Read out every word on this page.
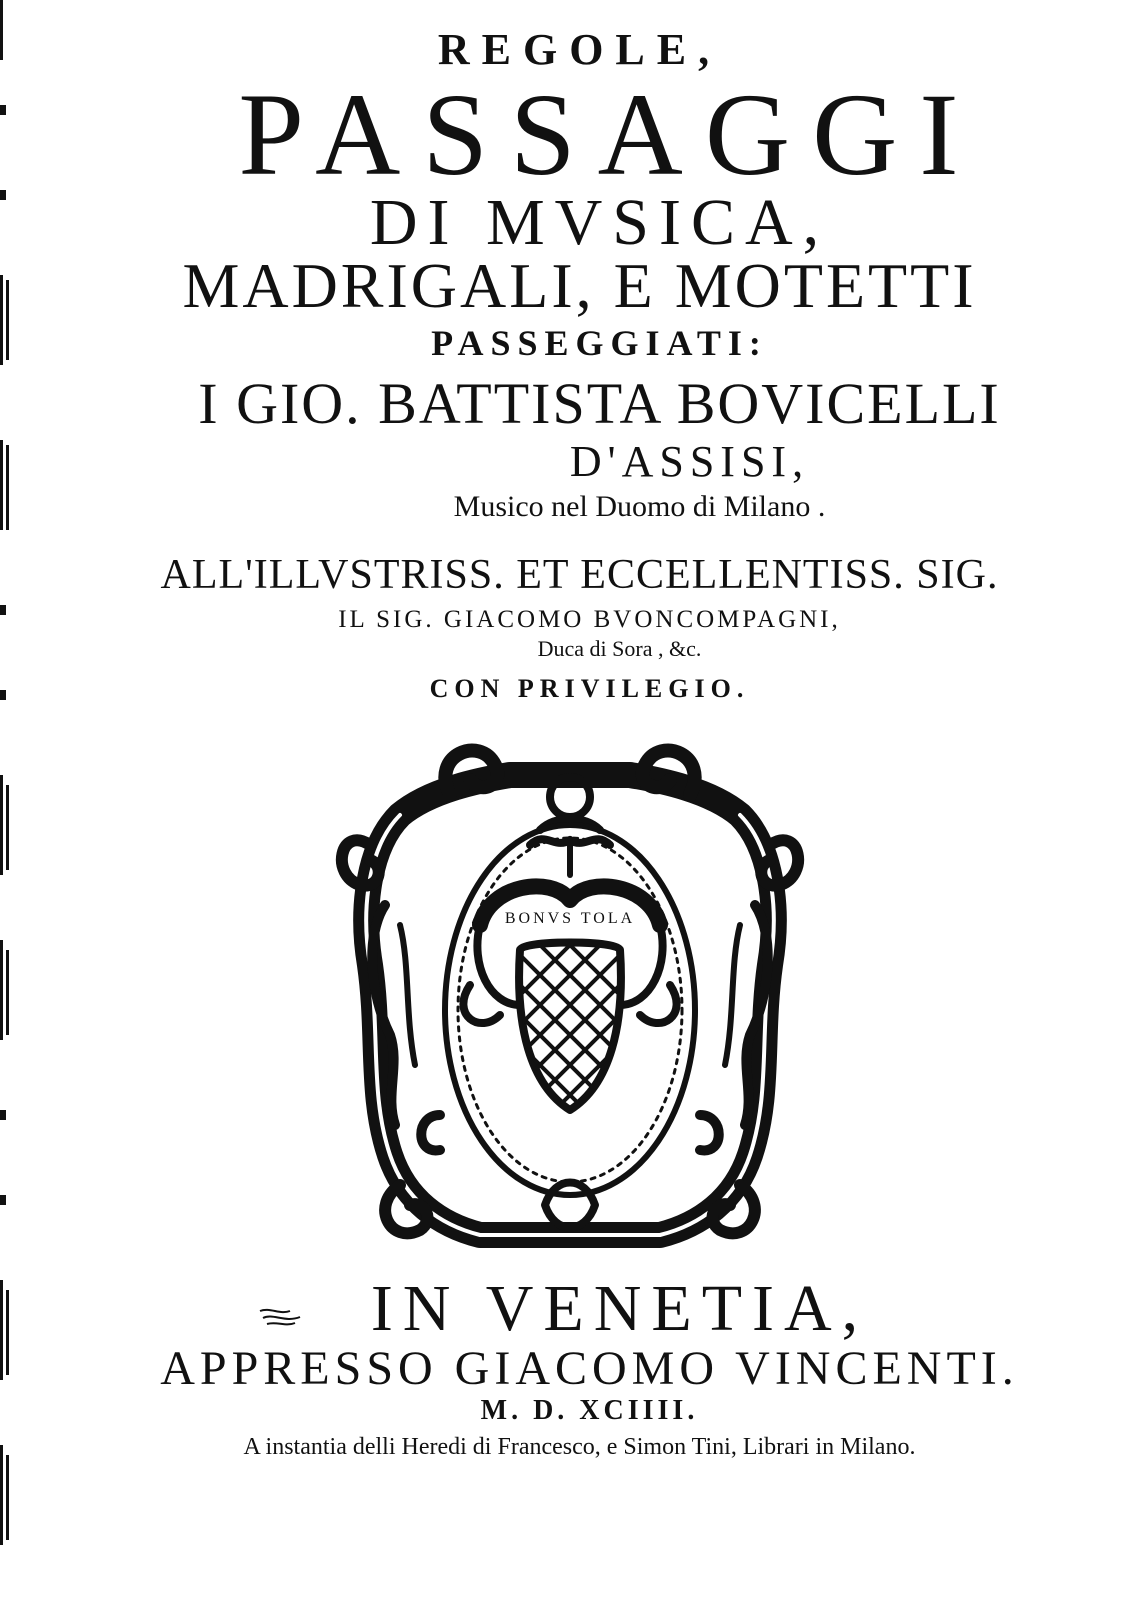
REGOLE,
PASSAGGI
DI MVSICA,
MADRIGALI, E MOTETTI
PASSEGGIATI:
I GIO. BATTISTA BOVICELLI
D'ASSISI,
Musico nel Duomo di Milano .
ALL'ILLVSTRISS. ET ECCELLENTISS. SIG.
IL SIG. GIACOMO BVONCOMPAGNI,
Duca di Sora , &c.
CON PRIVILEGIO.
BONVS TOLA
IN VENETIA,
APPRESSO GIACOMO VINCENTI.
M. D. XCIIII.
A instantia delli Heredi di Francesco, e Simon Tini, Librari in Milano.
